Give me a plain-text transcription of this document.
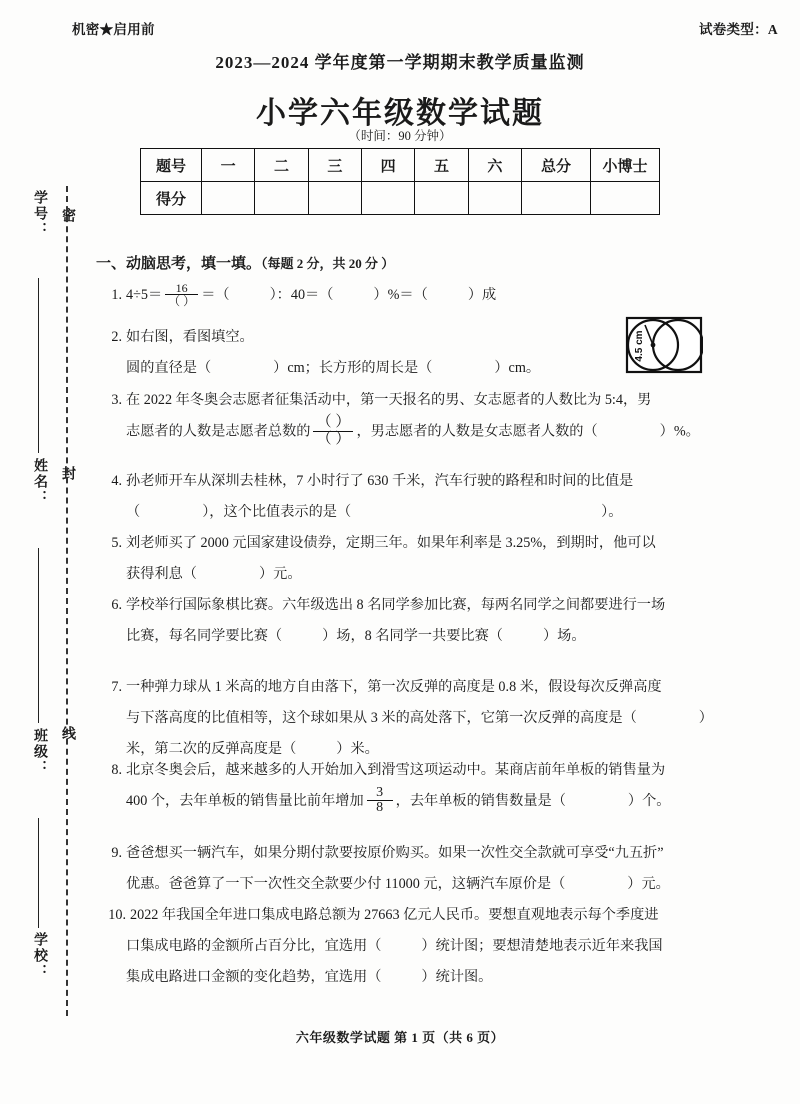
机密★启用前	试卷类型：A
2023—2024 学年度第一学期期末教学质量监测
小学六年级数学试题
（时间：90 分钟）
题号	一	二	三	四	五	六	总分	小博士
得分								
学号：
姓名：
班级：
学校：
密
封
线
一、动脑思考，填一填。（每题 2 分，共 20 分 ）
1. $4\div 5= \frac{16}{( )}$ ＝（	）：40＝（	）%＝（	）成
2. 如右图，看图填空。
圆的直径是（	）cm；长方形的周长是（	）cm。
3. 在 2022 年冬奥会志愿者征集活动中，第一天报名的男、女志愿者的人数比为 5:4，男
志愿者的人数是志愿者总数的 $\frac{( )}{( )}$ ，男志愿者的人数是女志愿者人数的（	）%。
4. 孙老师开车从深圳去桂林，7 小时行了 630 千米，汽车行驶的路程和时间的比值是
（	），这个比值表示的是（	）。
5. 刘老师买了 2000 元国家建设债券，定期三年。如果年利率是 3.25%，到期时，他可以
获得利息（	）元。
6. 学校举行国际象棋比赛。六年级选出 8 名同学参加比赛，每两名同学之间都要进行一场
比赛，每名同学要比赛（	）场，8 名同学一共要比赛（	）场。
7. 一种弹力球从 1 米高的地方自由落下，第一次反弹的高度是 0.8 米，假设每次反弹高度
与下落高度的比值相等，这个球如果从 3 米的高处落下，它第一次反弹的高度是（	）
米，第二次的反弹高度是（	）米。
8. 北京冬奥会后，越来越多的人开始加入到滑雪这项运动中。某商店前年单板的销售量为
400 个，去年单板的销售量比前年增加 $\frac{3}{8}$ ，去年单板的销售数量是（	）个。
9. 爸爸想买一辆汽车，如果分期付款要按原价购买。如果一次性交全款就可享受“九五折”
优惠。爸爸算了一下一次性交全款要少付 11000 元，这辆汽车原价是（	）元。
10. 2022 年我国全年进口集成电路总额为 27663 亿元人民币。要想直观地表示每个季度进
口集成电路的金额所占百分比，宜选用（	）统计图；要想清楚地表示近年来我国
集成电路进口金额的变化趋势，宜选用（	）统计图。
4.5 cm
六年级数学试题 第 1 页（共 6 页）
